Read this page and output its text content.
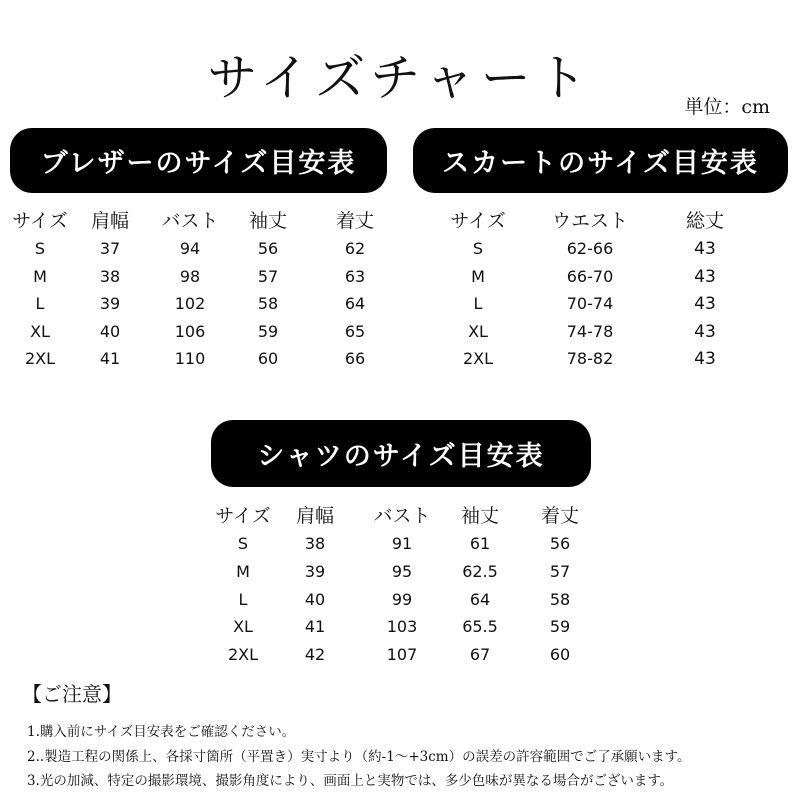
サイズチャート	単位：cm
ブレザーのサイズ目安表	スカートのサイズ目安表
シャツのサイズ目安表
サイズ 肩幅 バスト 袖丈	着丈
S	37	94	56	62
M	38	98	57	63
L	39	102	58	64
XL	40	106	59	65
2XL	41	110	60	66
サイズ ウエスト	総丈
S	62-66	43
M	66-70	43
L	70-74	43
XL	74-78	43
2XL	78-82	43
サイズ 肩幅 バスト 袖丈 着丈
S	38	91	61	56
M	39	95	62.5	57
L	40	99	64	58
XL	41	103	65.5	59
2XL	42	107	67	60
【ご注意】
1.購入前にサイズ目安表をご確認ください。
2..製造工程の関係上、各採寸箇所（平置き）実寸より（約-1～+3cm）の誤差の許容範囲でご了承願います。
3.光の加減、特定の撮影環境、撮影角度により、画面上と実物では、多少色味が異なる場合がございます。
